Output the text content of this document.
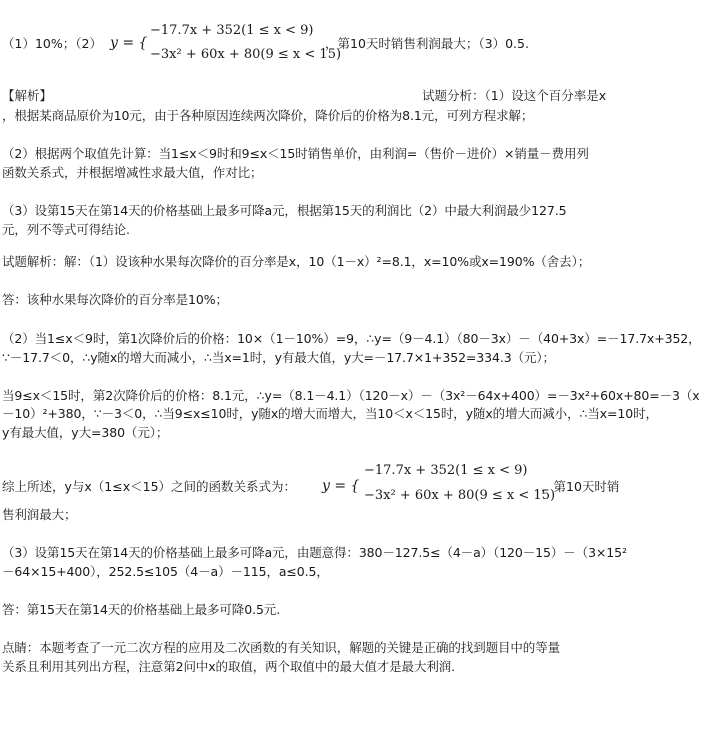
（1）10%；（2） y = {
−17.7x + 352(1 ≤ x < 9)
−3x² + 60x + 80(9 ≤ x < 15)
，第10天时销售利润最大；（3）0.5.
【解析】	试题分析：（1）设这个百分率是x
，根据某商品原价为10元，由于各种原因连续两次降价，降价后的价格为8.1元，可列方程求解；
（2）根据两个取值先计算：当1≤x＜9时和9≤x＜15时销售单价，由利润=（售价－进价）×销量－费用列
函数关系式，并根据增减性求最大值，作对比；
（3）设第15天在第14天的价格基础上最多可降a元，根据第15天的利润比（2）中最大利润最少127.5
元，列不等式可得结论.
试题解析：解：（1）设该种水果每次降价的百分率是x，10（1－x）²=8.1，x=10%或x=190%（舍去）；
答：该种水果每次降价的百分率是10%；
（2）当1≤x＜9时，第1次降价后的价格：10×（1－10%）=9，∴y=（9－4.1）（80－3x）－（40+3x）=－17.7x+352，
∵－17.7＜0，∴y随x的增大而减小，∴当x=1时，y有最大值，y大=－17.7×1+352=334.3（元）；
当9≤x＜15时，第2次降价后的价格：8.1元，∴y=（8.1－4.1）（120－x）－（3x²－64x+400）=－3x²+60x+80=－3（x
－10）²+380，∵－3＜0，∴当9≤x≤10时，y随x的增大而增大，当10＜x＜15时，y随x的增大而减小，∴当x=10时，
y有最大值，y大=380（元）；
综上所述，y与x（1≤x＜15）之间的函数关系式为： y = {
−17.7x + 352(1 ≤ x < 9)
−3x² + 60x + 80(9 ≤ x < 15)
，第10天时销
售利润最大；
（3）设第15天在第14天的价格基础上最多可降a元，由题意得：380－127.5≤（4－a）（120－15）－（3×15²
－64×15+400），252.5≤105（4－a）－115，a≤0.5，
答：第15天在第14天的价格基础上最多可降0.5元.
点睛：本题考查了一元二次方程的应用及二次函数的有关知识，解题的关键是正确的找到题目中的等量
关系且利用其列出方程，注意第2问中x的取值，两个取值中的最大值才是最大利润.
